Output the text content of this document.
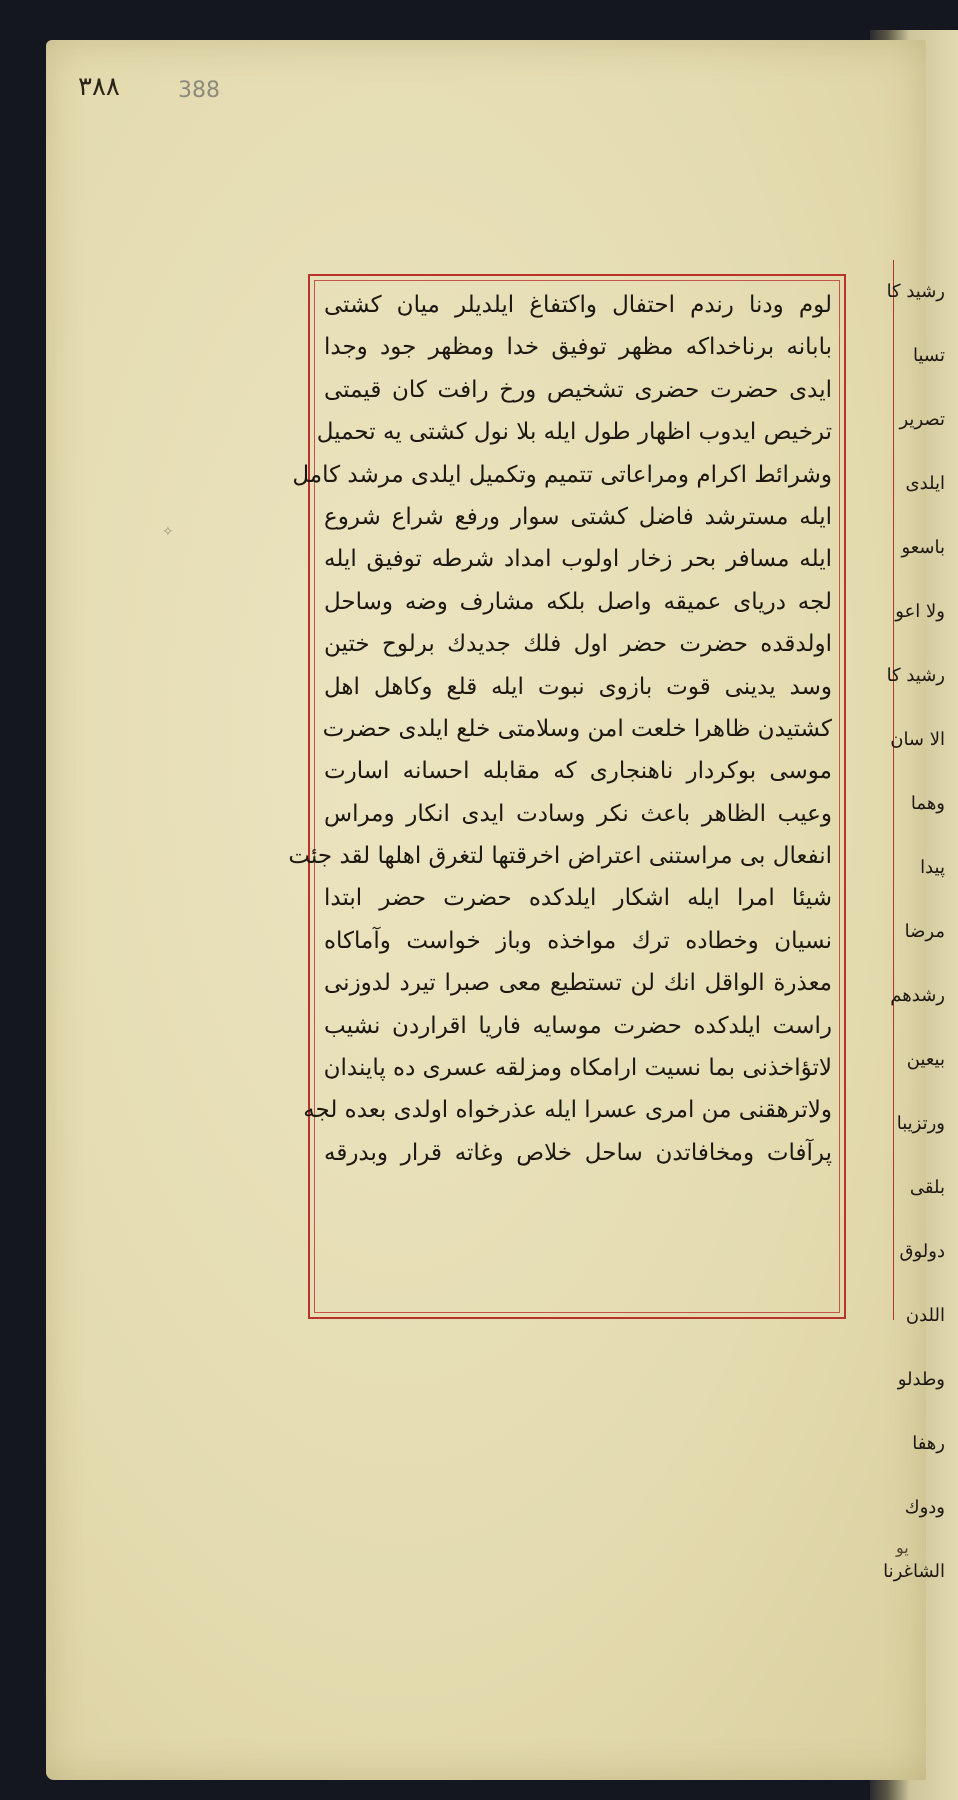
٣٨٨	388
✧
لوم ودنا رندم احتفال واكتفاغ ايلديلر ميان كشتى
بابانه برناخداكه مظهر توفيق خدا ومظهر جود وجدا
ايدى حضرت حضرى تشخيص ورخ رافت كان قيمتى
ترخيص ايدوب اظهار طول ايله بلا نول كشتى يه تحميل
وشرائط اكرام ومراعاتى تتميم وتكميل ايلدى مرشد كامل
ايله مسترشد فاضل كشتى سوار ورفع شراع شروع
ايله مسافر بحر زخار اولوب امداد شرطه توفيق ايله
لجه دريای عميقه واصل بلكه مشارف وضه وساحل
اولدقده حضرت حضر اول فلك جديدك برلوح ختين
وسد يدينى قوت بازوى نبوت ايله قلع وكاهل اهل
كشتيدن ظاهرا خلعت امن وسلامتى خلع ايلدى حضرت
موسى بوكردار ناهنجارى كه مقابله احسانه اسارت
وعيب الظاهر باعث نكر وسادت ايدى انكار ومراس
انفعال بى مراستنى اعتراض اخرقتها لتغرق اهلها لقد جئت
شيئا امرا ايله اشكار ايلدكده حضرت حضر ابتدا
نسيان وخطاده ترك مواخذه وباز خواست وآماكاه
معذرة الواقل انك لن تستطيع معى صبرا تيرد لدوزنى
راست ايلدكده حضرت موسايه فاريا اقراردن نشيب
لاتؤاخذنى بما نسيت ارامكاه ومزلقه عسرى ده پايندان
ولاترهقنى من امرى عسرا ايله عذرخواه اولدى بعده لجه
پرآفات ومخافاتدن ساحل خلاص وغاته قرار وبدرقه
رشيد كا
تسيا
تصرير
ايلدى
باسعو
ولا اعو
رشيد كا
الا سان
وهما
پيدا
مرضا
رشدهم
بيعين
ورتزيبا
بلقى
دولوق
اللدن
وطدلو
رهفا
ودوك
الشاغرنا
يو
